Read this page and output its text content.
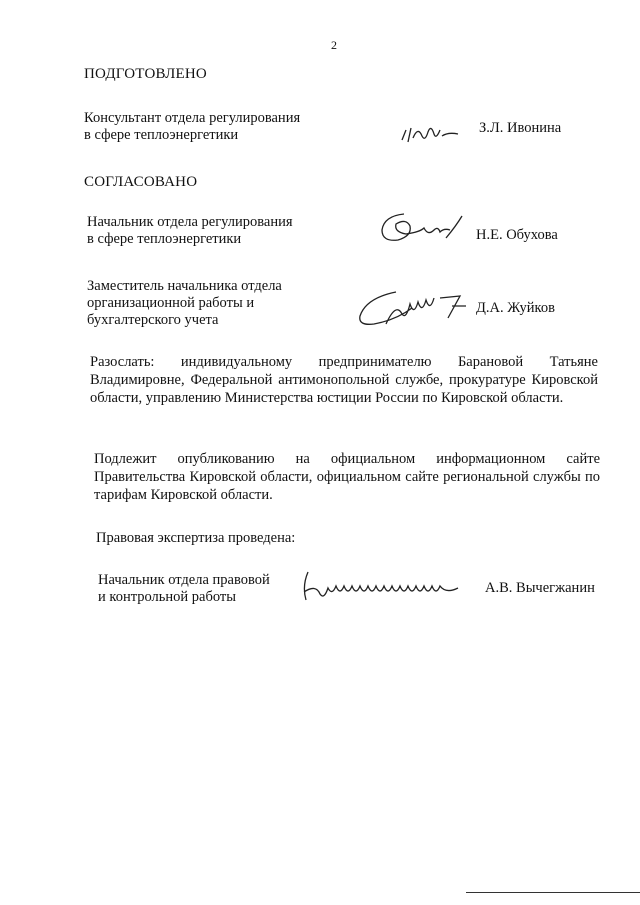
2
ПОДГОТОВЛЕНО
Консультант отдела регулирования
в сфере теплоэнергетики	З.Л. Ивонина
СОГЛАСОВАНО
Начальник отдела регулирования
в сфере теплоэнергетики	Н.Е. Обухова
Заместитель начальника отдела
организационной работы и
бухгалтерского учета
Д.А. Жуйков
Разослать: индивидуальному предпринимателю Барановой Татьяне Владимировне, Федеральной антимонопольной службе, прокуратуре Кировской области, управлению Министерства юстиции России по Кировской области.
Подлежит опубликованию на официальном информационном сайте Правительства Кировской области, официальном сайте региональной службы по тарифам Кировской области.
Правовая экспертиза проведена:
Начальник отдела правовой
и контрольной работы
А.В. Вычегжанин
